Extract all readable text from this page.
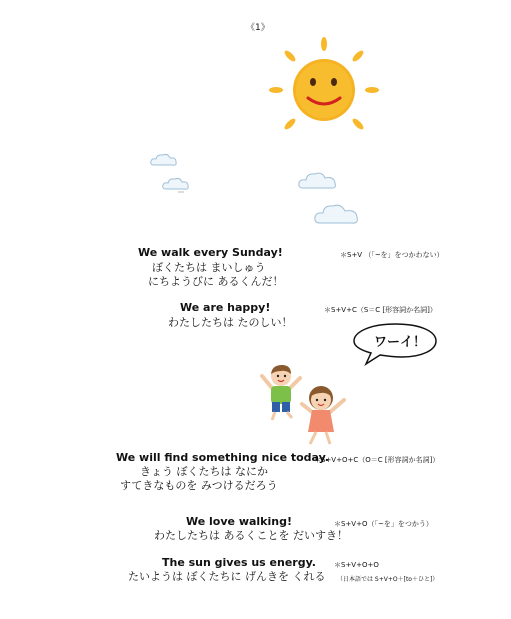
《1》
We walk every Sunday!	＊S+V （「~を」をつかわない）
ぼくたちは まいしゅう
にちようびに あるくんだ！
We are happy!	＊S+V+C（S＝C [形容詞か名詞]）
わたしたちは たのしい！
ワーイ！
We will find something nice today.
＊S+V+O+C（O＝C [形容詞か名詞]）
きょう ぼくたちは なにか
すてきなものを みつけるだろう
We love walking!	＊S+V+O（「~を」をつかう）
わたしたちは あるくことを だいすき！
The sun gives us energy.	＊S+V+O+O
たいようは ぼくたちに げんきを くれる （日本語では S+V+O＋[to＋ひと]）
